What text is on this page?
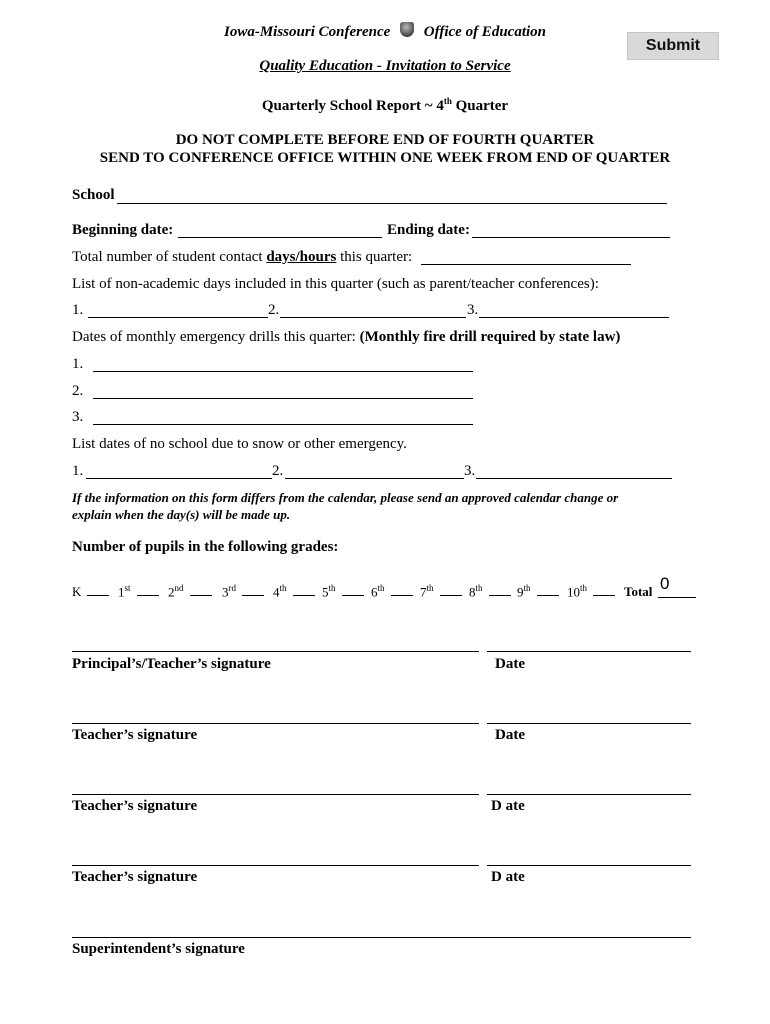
Iowa-Missouri Conference Office of Education
Submit
Quality Education - Invitation to Service
Quarterly School Report ~ 4th Quarter
DO NOT COMPLETE BEFORE END OF FOURTH QUARTER
SEND TO CONFERENCE OFFICE WITHIN ONE WEEK FROM END OF QUARTER
School
Beginning date:	Ending date:
Total number of student contact days/hours this quarter:
List of non-academic days included in this quarter (such as parent/teacher conferences):
1.	2.	3.
Dates of monthly emergency drills this quarter: (Monthly fire drill required by state law)
1.
2.
3.
List dates of no school due to snow or other emergency.
1.	2.	3.
If the information on this form differs from the calendar, please send an approved calendar change or
explain when the day(s) will be made up.
Number of pupils in the following grades:
K	1st	2nd	3rd	4th	5th	6th	7th	8th	9th	10th	Total 0
Principal’s/Teacher’s signature	Date
Teacher’s signature	Date
Teacher’s signature	D ate
Teacher’s signature	D ate
Superintendent’s signature
